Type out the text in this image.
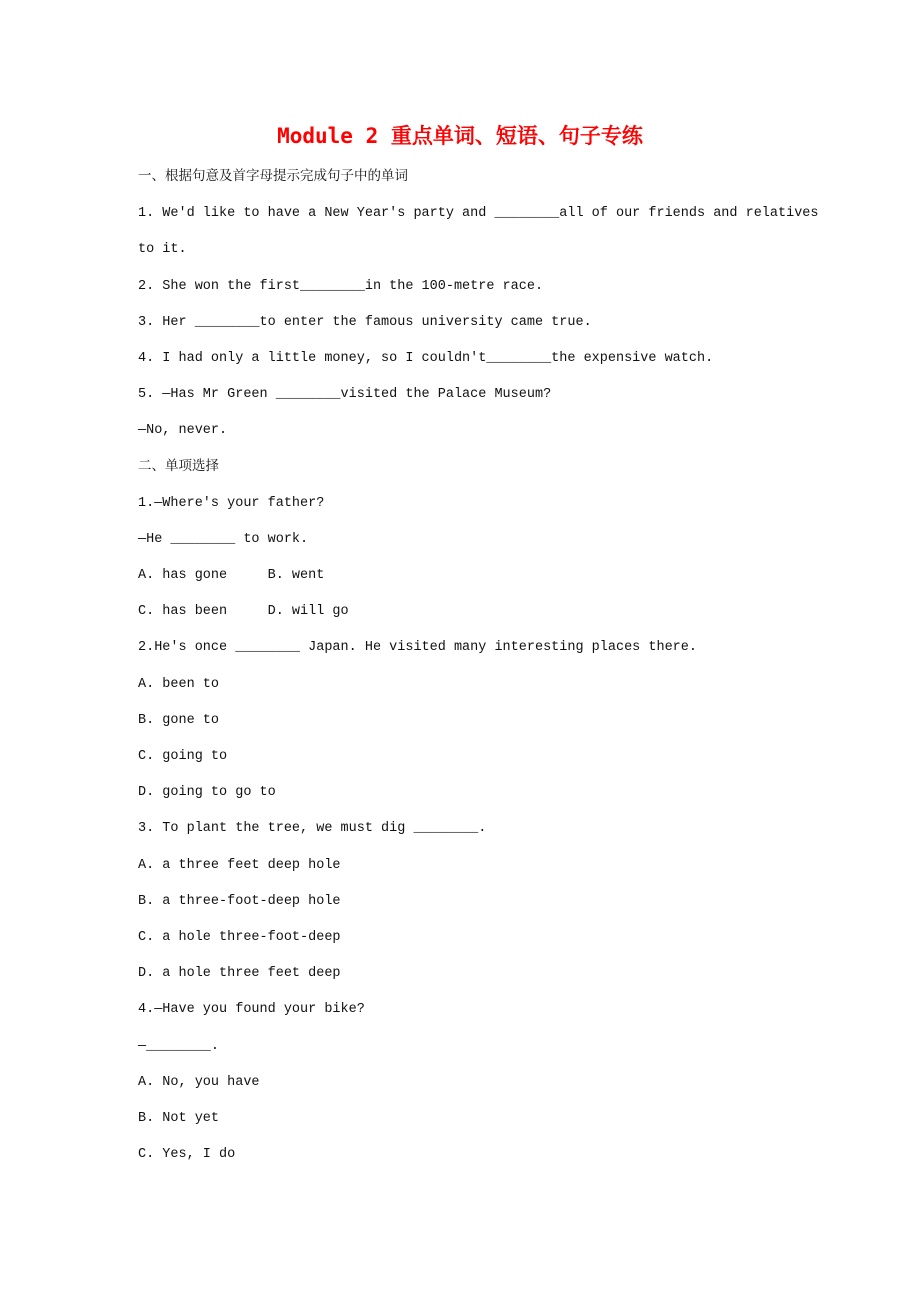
Module 2 重点单词、短语、句子专练
一、根据句意及首字母提示完成句子中的单词
1. We'd like to have a New Year's party and ________all of our friends and relatives
to it.
2. She won the first________in the 100-metre race.
3. Her ________to enter the famous university came true.
4. I had only a little money, so I couldn't________the expensive watch.
5. —Has Mr Green ________visited the Palace Museum?
—No, never.
二、单项选择
1.—Where's your father?
—He ________ to work.
A. has gone     B. went
C. has been     D. will go
2.He's once ________ Japan. He visited many interesting places there.
A. been to
B. gone to
C. going to
D. going to go to
3. To plant the tree, we must dig ________.
A. a three feet deep hole
B. a three-foot-deep hole
C. a hole three-foot-deep
D. a hole three feet deep
4.—Have you found your bike?
—________.
A. No, you have
B. Not yet
C. Yes, I do
